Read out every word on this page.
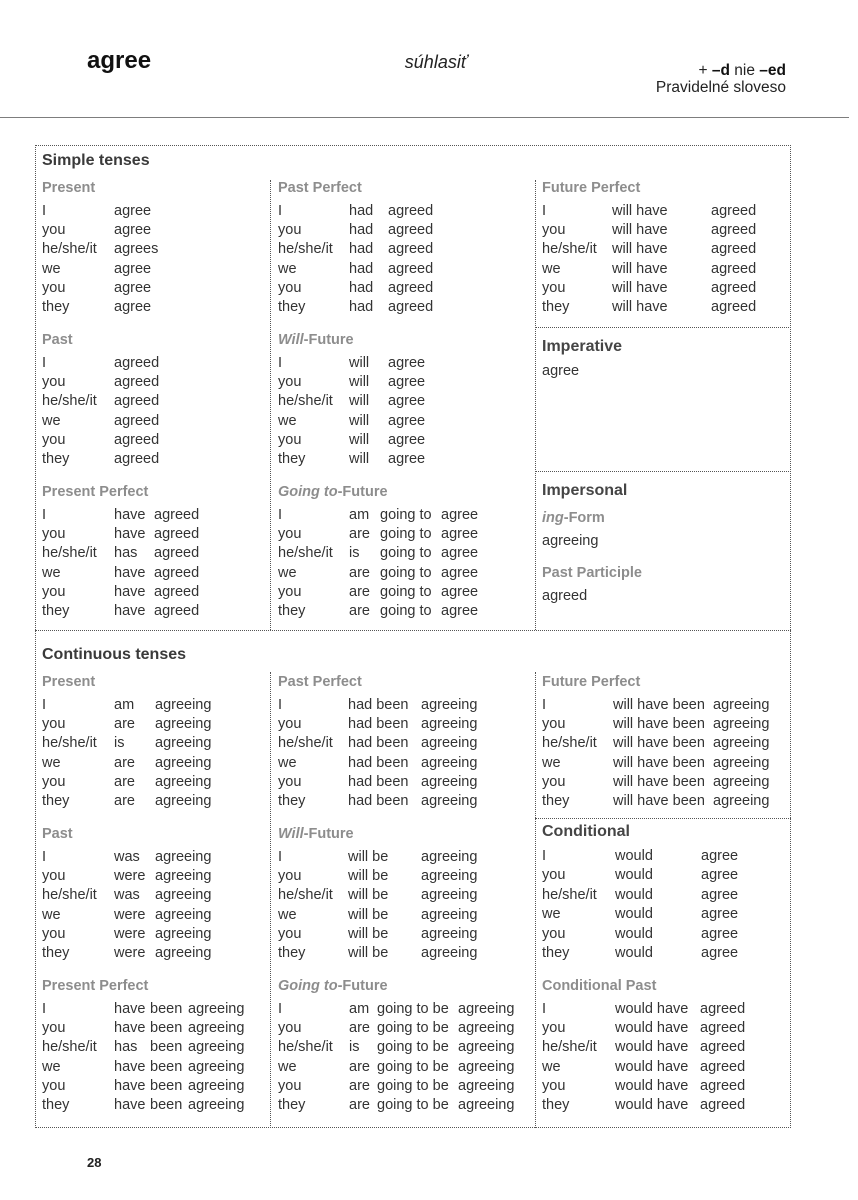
agree	súhlasiť	+ –d nie –ed
Pravidelné sloveso
Simple tenses
Present
I	agree
you	agree
he/she/it agrees
we	agree
you	agree
they	agree
Past Perfect
I	had agreed
you	had agreed
he/she/it had agreed
we	had agreed
you	had agreed
they	had agreed
Future Perfect
I	will have	agreed
you	will have	agreed
he/she/it will have	agreed
we	will have	agreed
you	will have	agreed
they	will have	agreed
Past
I	agreed
you	agreed
he/she/it agreed
we	agreed
you	agreed
they	agreed
Will-Future
I	will agree
you	will agree
he/she/it will agree
we	will agree
you	will agree
they	will agree
Imperative
agree
Present Perfect
I	have agreed
you	have agreed
he/she/it has agreed
we	have agreed
you	have agreed
they	have agreed
Going to-Future
I	am going to agree
you	are going to agree
he/she/it is going to agree
we	are going to agree
you	are going to agree
they	are going to agree
Impersonal
ing-Form
agreeing
Past Participle
agreed
Continuous tenses
Present
I	am agreeing
you	are agreeing
he/she/it is agreeing
we	are agreeing
you	are agreeing
they	are agreeing
Past Perfect
I	had been agreeing
you	had been agreeing
he/she/it had been agreeing
we	had been agreeing
you	had been agreeing
they	had been agreeing
Future Perfect
I	will have been agreeing
you	will have been agreeing
he/she/it will have been agreeing
we	will have been agreeing
you	will have been agreeing
they	will have been agreeing
Past
I	was agreeing
you	were agreeing
he/she/it was agreeing
we	were agreeing
you	were agreeing
they	were agreeing
Will-Future
I	will be agreeing
you	will be agreeing
he/she/it will be agreeing
we	will be agreeing
you	will be agreeing
they	will be agreeing
Conditional
I	would	agree
you	would	agree
he/she/it would	agree
we	would	agree
you	would	agree
they	would	agree
Present Perfect
I	have been agreeing
you	have been agreeing
he/she/it has been agreeing
we	have been agreeing
you	have been agreeing
they	have been agreeing
Going to-Future
I	am going to be agreeing
you	are going to be agreeing
he/she/it is going to be agreeing
we	are going to be agreeing
you	are going to be agreeing
they	are going to be agreeing
Conditional Past
I	would have agreed
you	would have agreed
he/she/it would have agreed
we	would have agreed
you	would have agreed
they	would have agreed
28
